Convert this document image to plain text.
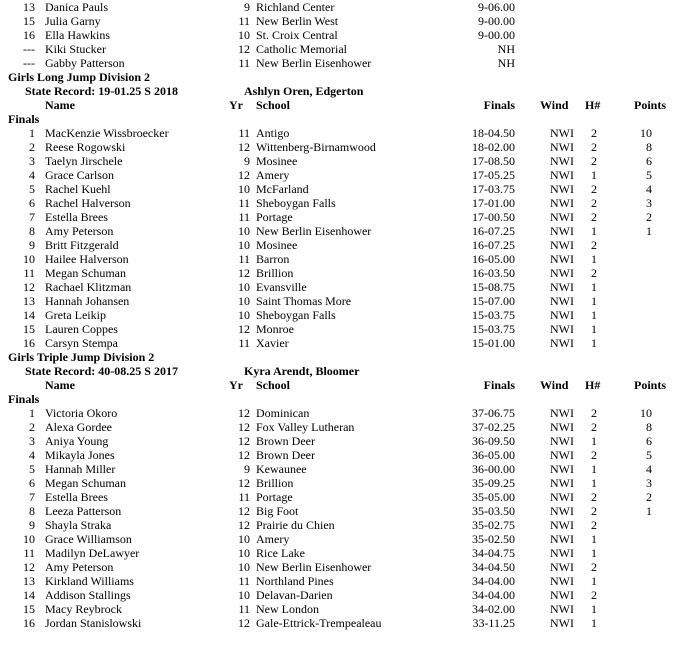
13 Danica Pauls	9 Richland Center	9-06.00
15 Julia Garny	11 New Berlin West	9-00.00
16 Ella Hawkins	10 St. Croix Central	9-00.00
--- Kiki Stucker	12 Catholic Memorial	NH
--- Gabby Patterson	11 New Berlin Eisenhower	NH
Girls Long Jump Division 2
State Record: 19-01.25 S 2018	Ashlyn Oren, Edgerton
Name	Yr School	Finals Wind H#	Points
Finals
1 MacKenzie Wissbroecker	11 Antigo	18-04.50	NWI 2	10
2 Reese Rogowski	12 Wittenberg-Birnamwood	18-02.00	NWI 2	8
3 Taelyn Jirschele	9 Mosinee	17-08.50	NWI 2	6
4 Grace Carlson	12 Amery	17-05.25	NWI 1	5
5 Rachel Kuehl	10 McFarland	17-03.75	NWI 2	4
6 Rachel Halverson	11 Sheboygan Falls	17-01.00	NWI 2	3
7 Estella Brees	11 Portage	17-00.50	NWI 2	2
8 Amy Peterson	10 New Berlin Eisenhower	16-07.25	NWI 1	1
9 Britt Fitzgerald	10 Mosinee	16-07.25	NWI 2
10 Hailee Halverson	11 Barron	16-05.00	NWI 1
11 Megan Schuman	12 Brillion	16-03.50	NWI 2
12 Rachael Klitzman	10 Evansville	15-08.75	NWI 1
13 Hannah Johansen	10 Saint Thomas More	15-07.00	NWI 1
14 Greta Leikip	10 Sheboygan Falls	15-03.75	NWI 1
15 Lauren Coppes	12 Monroe	15-03.75	NWI 1
16 Carsyn Stempa	11 Xavier	15-01.00	NWI 1
Girls Triple Jump Division 2
State Record: 40-08.25 S 2017	Kyra Arendt, Bloomer
Name	Yr School	Finals Wind H#	Points
Finals
1 Victoria Okoro	12 Dominican	37-06.75	NWI 2	10
2 Alexa Gordee	12 Fox Valley Lutheran	37-02.25	NWI 2	8
3 Aniya Young	12 Brown Deer	36-09.50	NWI 1	6
4 Mikayla Jones	12 Brown Deer	36-05.00	NWI 2	5
5 Hannah Miller	9 Kewaunee	36-00.00	NWI 1	4
6 Megan Schuman	12 Brillion	35-09.25	NWI 1	3
7 Estella Brees	11 Portage	35-05.00	NWI 2	2
8 Leeza Patterson	12 Big Foot	35-03.50	NWI 2	1
9 Shayla Straka	12 Prairie du Chien	35-02.75	NWI 2
10 Grace Williamson	10 Amery	35-02.50	NWI 1
11 Madilyn DeLawyer	10 Rice Lake	34-04.75	NWI 1
12 Amy Peterson	10 New Berlin Eisenhower	34-04.50	NWI 2
13 Kirkland Williams	11 Northland Pines	34-04.00	NWI 1
14 Addison Stallings	10 Delavan-Darien	34-04.00	NWI 2
15 Macy Reybrock	11 New London	34-02.00	NWI 1
16 Jordan Stanislowski	12 Gale-Ettrick-Trempealeau	33-11.25	NWI 1
